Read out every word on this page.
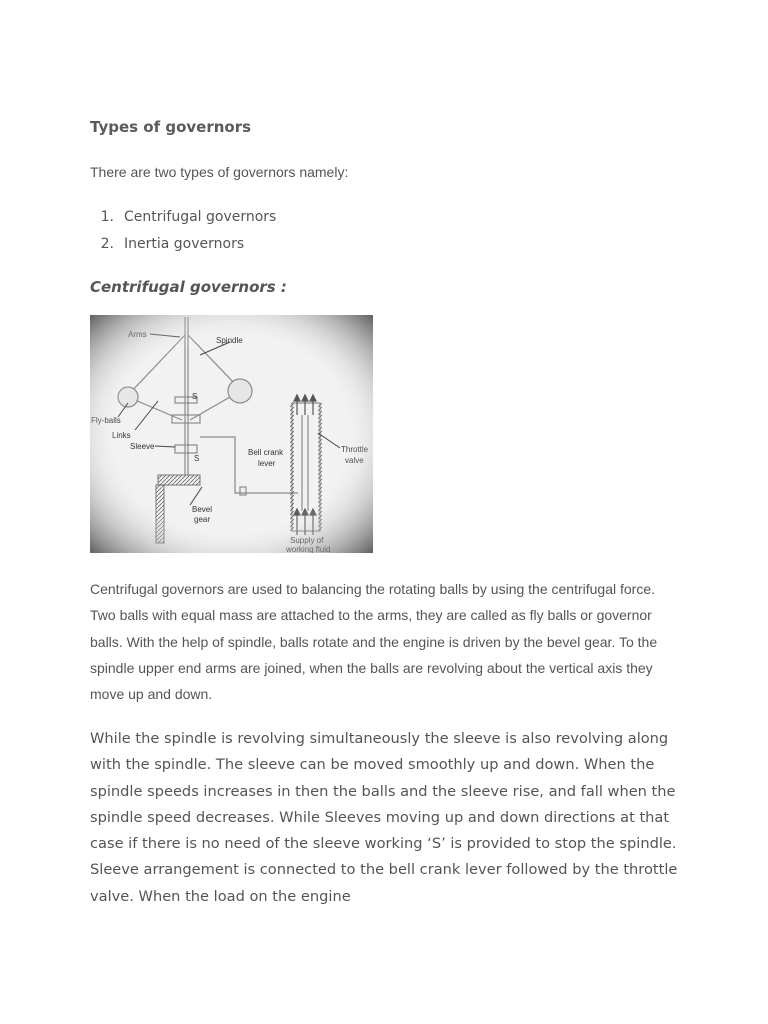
Types of governors

There are two types of governors namely:

1. Centrifugal governors
2. Inertia governors
Centrifugal governors :

Centrifugal governors are used to balancing the rotating balls by using the centrifugal force. Two balls with equal mass are attached to the arms, they are called as fly balls or governor balls. With the help of spindle, balls rotate and the engine is driven by the bevel gear. To the spindle upper end arms are joined, when the balls are revolving about the vertical axis they move up and down.

While the spindle is revolving simultaneously the sleeve is also revolving along with the spindle. The sleeve can be moved smoothly up and down. When the spindle speeds increases in then the balls and the sleeve rise, and fall when the spindle speed decreases. While Sleeves moving up and down directions at that case if there is no need of the sleeve working ‘S’ is provided to stop the spindle. Sleeve arrangement is connected to the bell crank lever followed by the throttle valve. When the load on the engine
